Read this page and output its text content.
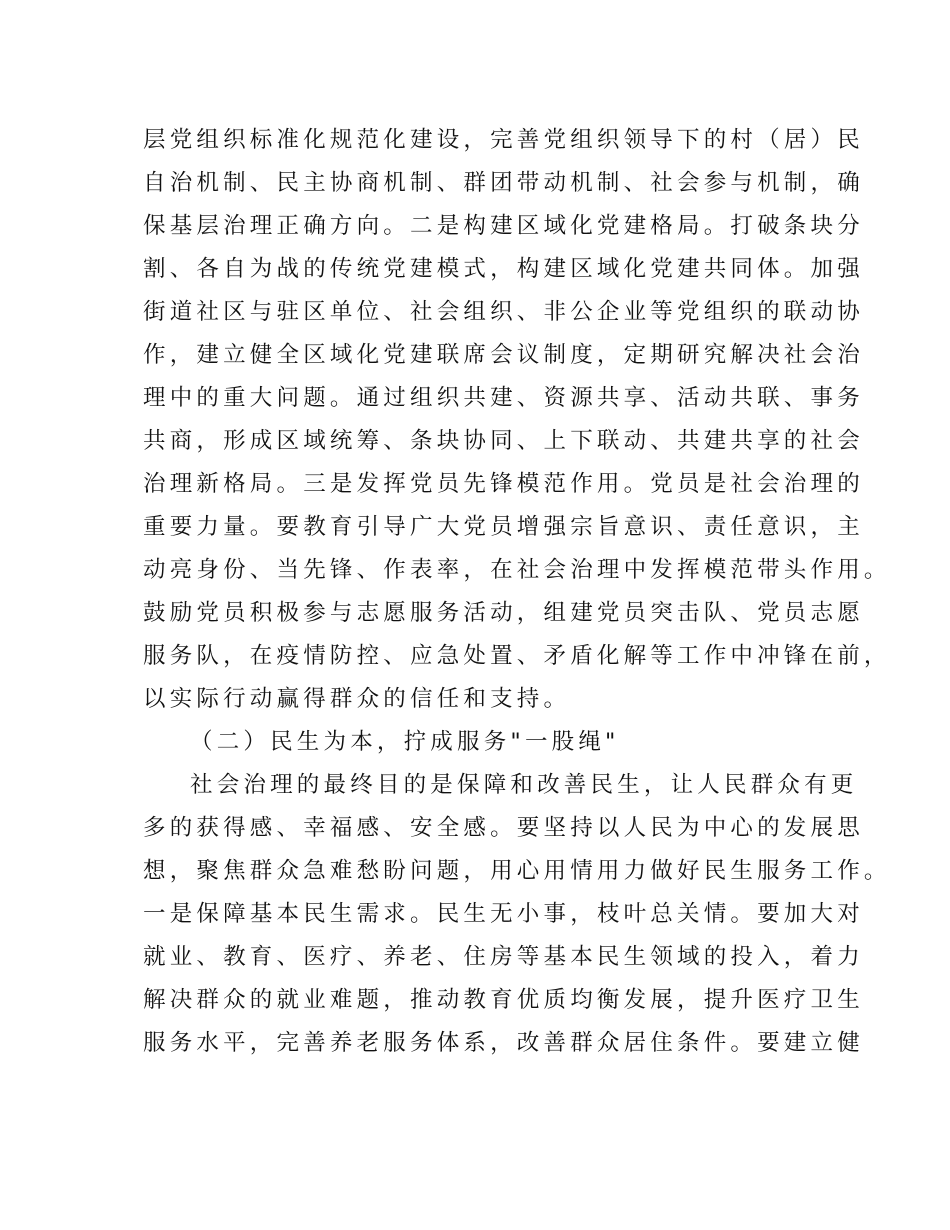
层党组织标准化规范化建设，完善党组织领导下的村（居）民
自治机制、民主协商机制、群团带动机制、社会参与机制，确
保基层治理正确方向。二是构建区域化党建格局。打破条块分
割、各自为战的传统党建模式，构建区域化党建共同体。加强
街道社区与驻区单位、社会组织、非公企业等党组织的联动协
作，建立健全区域化党建联席会议制度，定期研究解决社会治
理中的重大问题。通过组织共建、资源共享、活动共联、事务
共商，形成区域统筹、条块协同、上下联动、共建共享的社会
治理新格局。三是发挥党员先锋模范作用。党员是社会治理的
重要力量。要教育引导广大党员增强宗旨意识、责任意识，主
动亮身份、当先锋、作表率，在社会治理中发挥模范带头作用。
鼓励党员积极参与志愿服务活动，组建党员突击队、党员志愿
服务队，在疫情防控、应急处置、矛盾化解等工作中冲锋在前，
以实际行动赢得群众的信任和支持。
（二）民生为本，拧成服务"一股绳"
社会治理的最终目的是保障和改善民生，让人民群众有更
多的获得感、幸福感、安全感。要坚持以人民为中心的发展思
想，聚焦群众急难愁盼问题，用心用情用力做好民生服务工作。
一是保障基本民生需求。民生无小事，枝叶总关情。要加大对
就业、教育、医疗、养老、住房等基本民生领域的投入，着力
解决群众的就业难题，推动教育优质均衡发展，提升医疗卫生
服务水平，完善养老服务体系，改善群众居住条件。要建立健
